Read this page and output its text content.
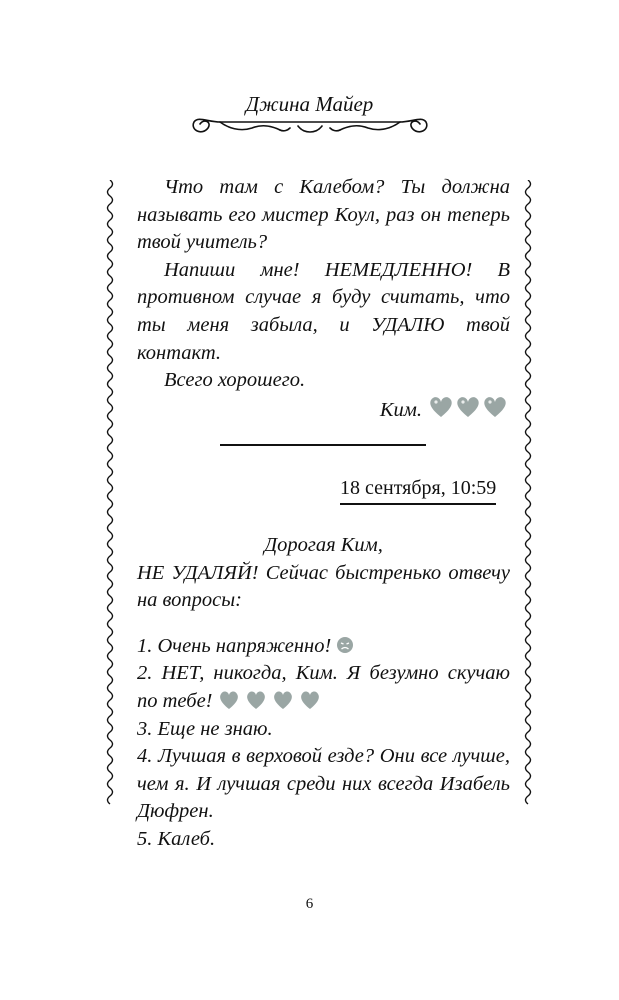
Джина Майер

Что там с Калебом? Ты должна называть его мистер Коул, раз он теперь твой учитель?

Напиши мне! НЕМЕДЛЕННО! В противном случае я буду считать, что ты меня забыла, и УДАЛЮ твой контакт.

Всего хорошего.

Ким.

18 сентября, 10:59

Дорогая Ким,

НЕ УДАЛЯЙ! Сейчас быстренько отвечу на вопросы:

1. Очень напряженно!

2. НЕТ, никогда, Ким. Я безумно скучаю по тебе!

3. Еще не знаю.

4. Лучшая в верховой езде? Они все лучше, чем я. И лучшая среди них всегда Изабель Дюфрен.

5. Калеб.

6
